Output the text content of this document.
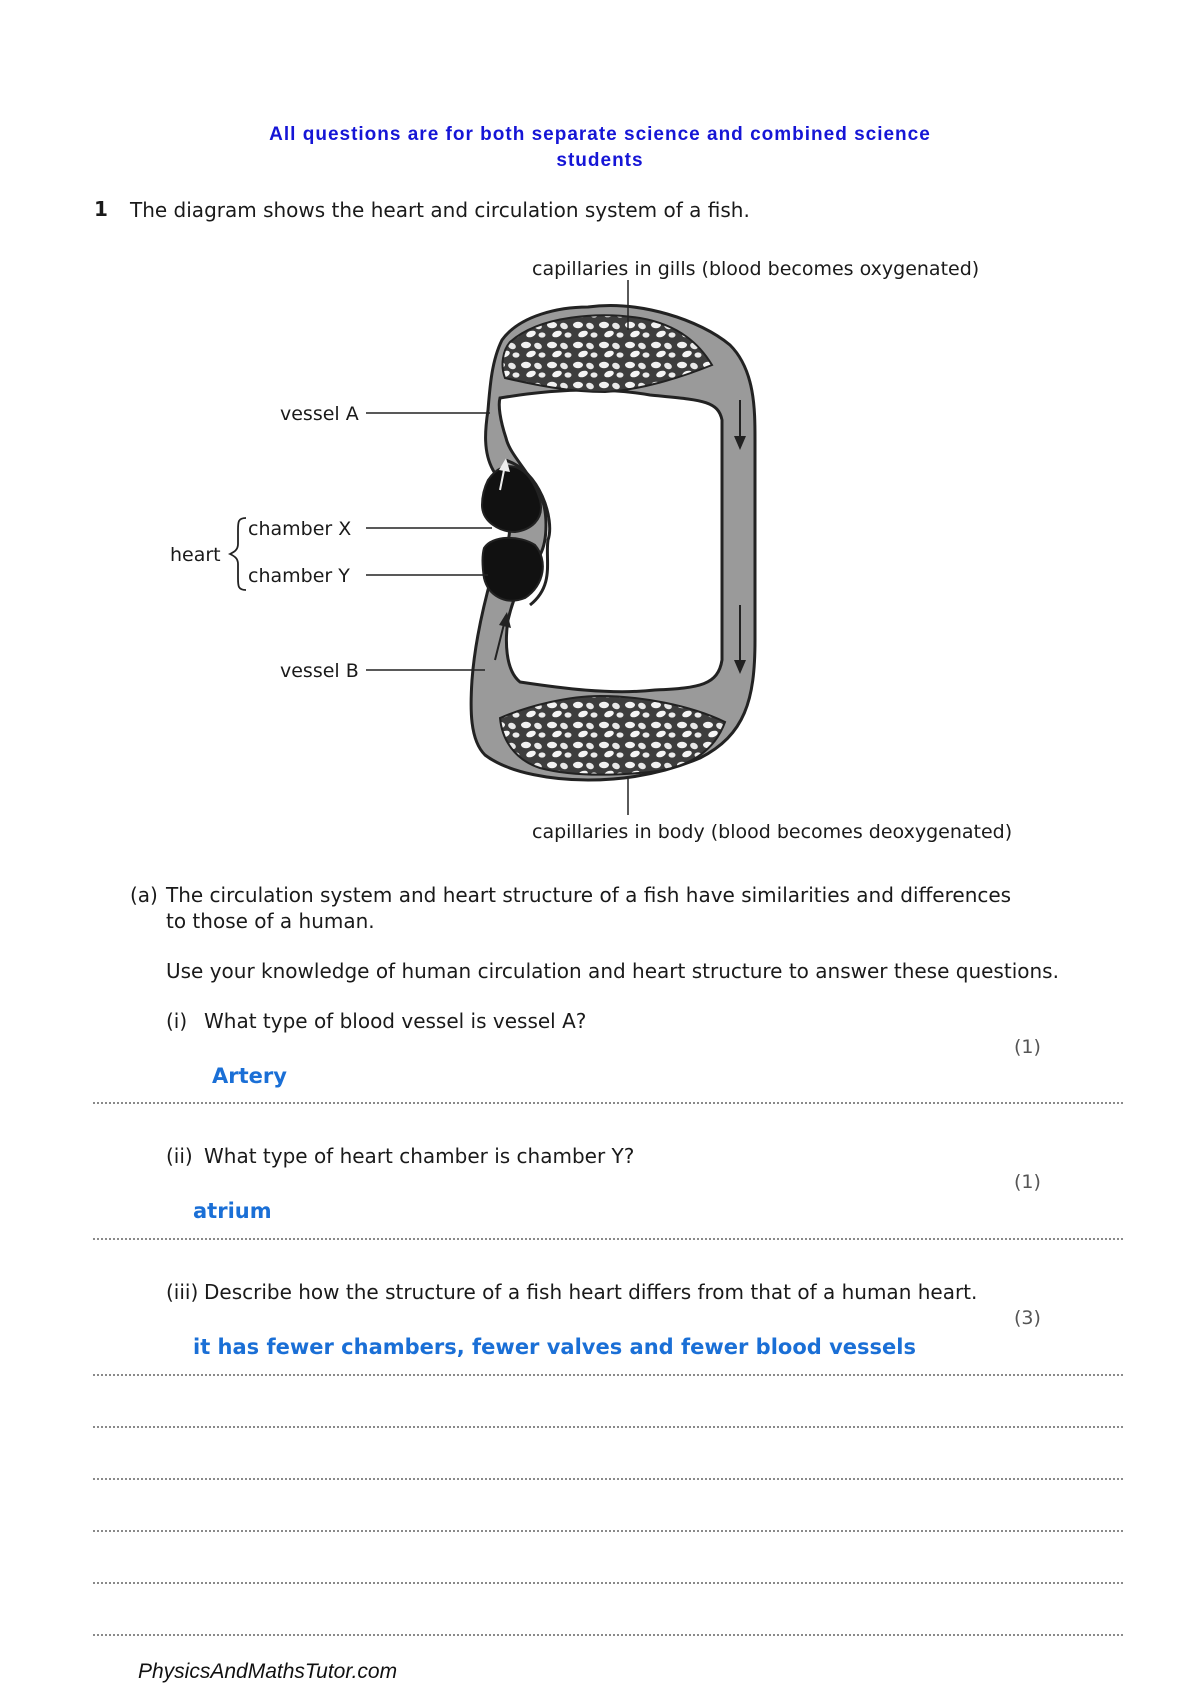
All questions are for both separate science and combined science
students
1 The diagram shows the heart and circulation system of a fish.
capillaries in gills (blood becomes oxygenated)
vessel A
heart
chamber X
chamber Y
vessel B
capillaries in body (blood becomes deoxygenated)
(a) The circulation system and heart structure of a fish have similarities and differences
to those of a human.
Use your knowledge of human circulation and heart structure to answer these questions.
(i) What type of blood vessel is vessel A?
(1)
Artery
(ii) What type of heart chamber is chamber Y?
(1)
atrium
(iii) Describe how the structure of a fish heart differs from that of a human heart.
(3)
it has fewer chambers, fewer valves and fewer blood vessels
PhysicsAndMathsTutor.com
